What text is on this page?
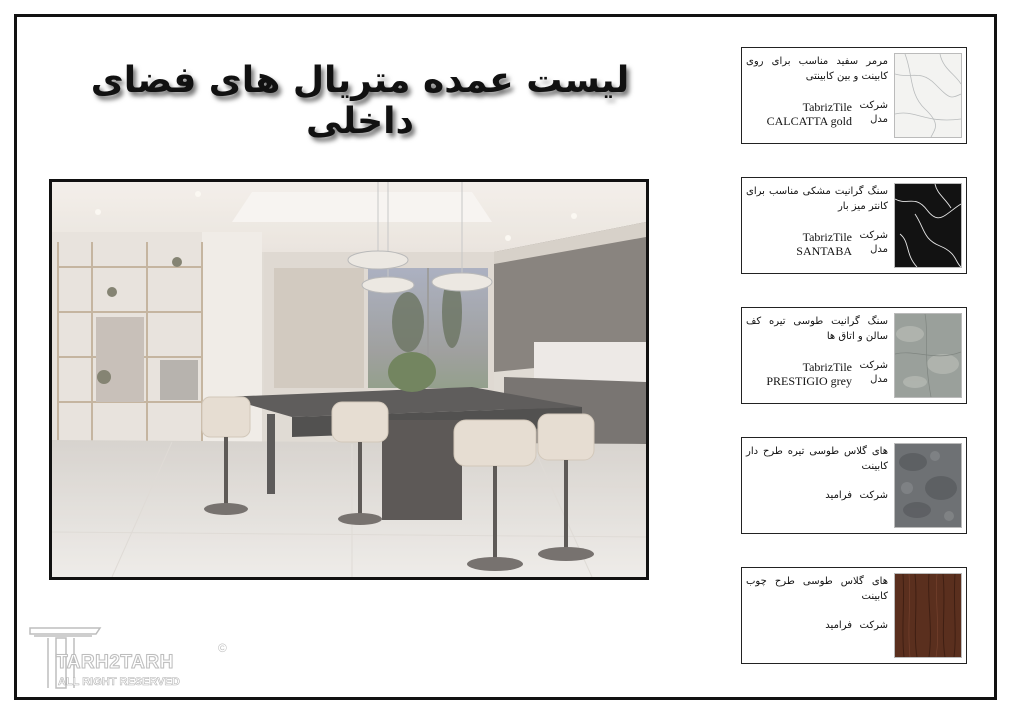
لیست عمده متریال های فضای داخلی
مرمر سفید مناسب برای روی کابینت و بین کابینتی
شرکت
TabrizTile
مدل
CALCATTA gold
سنگ گرانیت مشکی مناسب برای کانتر میز بار
شرکت
TabrizTile
مدل
SANTABA
سنگ گرانیت طوسی تیره کف سالن و اتاق ها
شرکت
TabrizTile
مدل
PRESTIGIO grey
های گلاس طوسی تیره طرح دار کابینت
شرکت
فرامید
های گلاس طوسی طرح چوب کابینت
شرکت
فرامید
TARH2TARH
ALL RIGHT RESERVED
©
